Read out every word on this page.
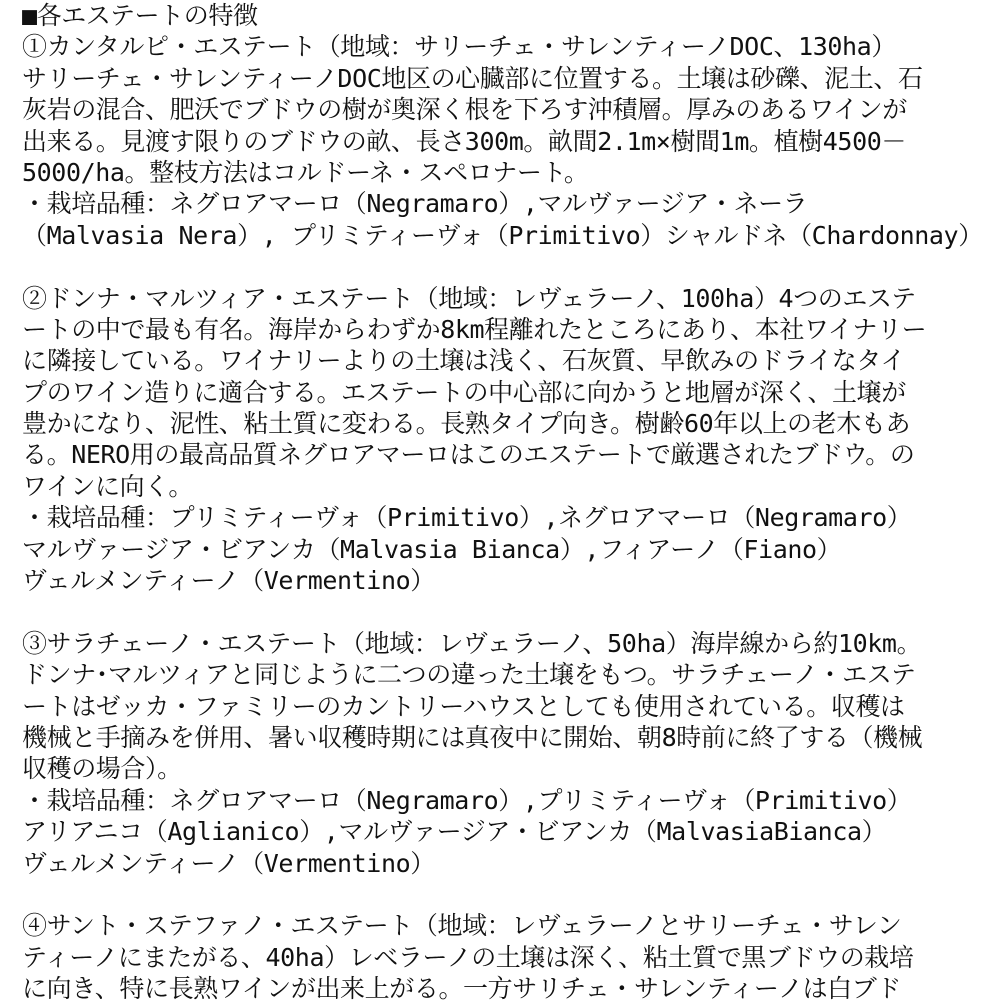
■各エステートの特徴
①カンタルピ・エステート（地域：サリーチェ・サレンティーノDOC、130ha）
サリーチェ・サレンティーノDOC地区の心臓部に位置する。土壌は砂礫、泥土、石
灰岩の混合、肥沃でブドウの樹が奥深く根を下ろす沖積層。厚みのあるワインが
出来る。見渡す限りのブドウの畝、長さ300m。畝間2.1m×樹間1m。植樹4500－
5000/ha。整枝方法はコルドーネ・スペロナート。
・栽培品種：ネグロアマーロ（Negramaro）,マルヴァージア・ネーラ
（Malvasia Nera）, プリミティーヴォ（Primitivo）シャルドネ（Chardonnay）
②ドンナ・マルツィア・エステート（地域：レヴェラーノ、100ha）4つのエステ
ートの中で最も有名。海岸からわずか8km程離れたところにあり、本社ワイナリー
に隣接している。ワイナリーよりの土壌は浅く、石灰質、早飲みのドライなタイ
プのワイン造りに適合する。エステートの中心部に向かうと地層が深く、土壌が
豊かになり、泥性、粘土質に変わる。長熟タイプ向き。樹齢60年以上の老木もあ
る。NERO用の最高品質ネグロアマーロはこのエステートで厳選されたブドウ。の
ワインに向く。
・栽培品種：プリミティーヴォ（Primitivo）,ネグロアマーロ（Negramaro）
マルヴァージア・ビアンカ（Malvasia Bianca）,フィアーノ（Fiano）
ヴェルメンティーノ（Vermentino）
③サラチェーノ・エステート（地域：レヴェラーノ、50ha）海岸線から約10km。
ドンナ･マルツィアと同じように二つの違った土壌をもつ。サラチェーノ・エステ
ートはゼッカ・ファミリーのカントリーハウスとしても使用されている。収穫は
機械と手摘みを併用、暑い収穫時期には真夜中に開始、朝8時前に終了する（機械
収穫の場合）。
・栽培品種：ネグロアマーロ（Negramaro）,プリミティーヴォ（Primitivo）
アリアニコ（Aglianico）,マルヴァージア・ビアンカ（MalvasiaBianca）
ヴェルメンティーノ（Vermentino）
④サント・ステファノ・エステート（地域：レヴェラーノとサリーチェ・サレン
ティーノにまたがる、40ha）レベラーノの土壌は深く、粘土質で黒ブドウの栽培
に向き、特に長熟ワインが出来上がる。一方サリチェ・サレンティーノは白ブド
